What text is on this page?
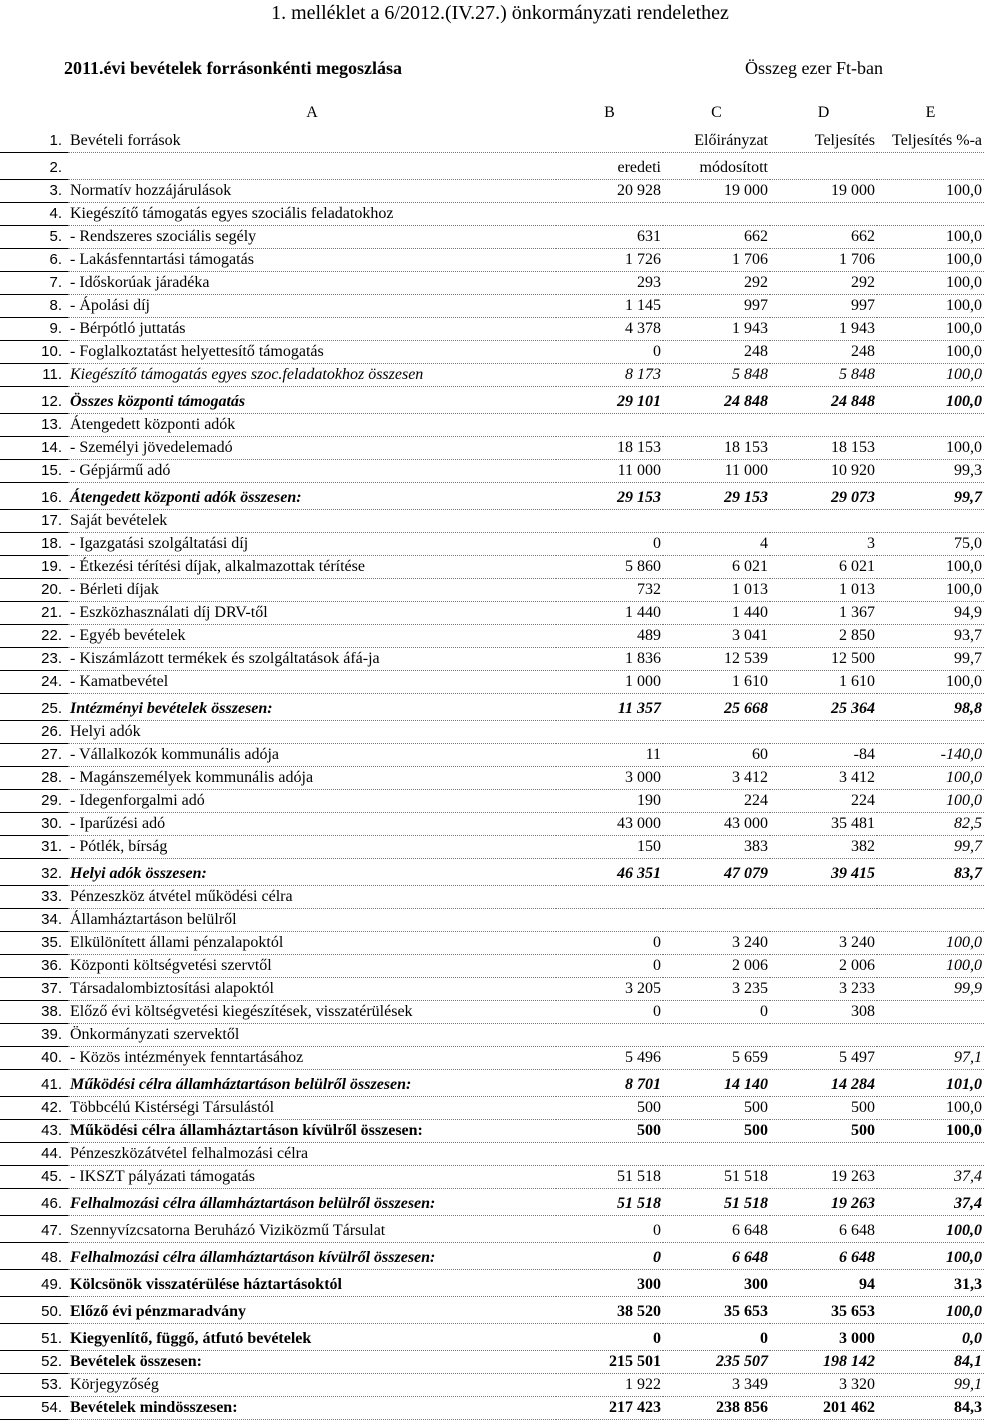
1. melléklet a 6/2012.(IV.27.) önkormányzati rendelethez
2011.évi bevételek forrásonkénti megoszlása	Összeg ezer Ft-ban
	A	B	C	D	E

1.	Bevételi források		Előirányzat	Teljesítés	Teljesítés %-a

2.		eredeti	módosított		
3.	Normatív hozzájárulások	20 928	19 000	19 000	100,0
4.	Kiegészítő támogatás egyes szociális feladatokhoz				
5.	- Rendszeres szociális segély	631	662	662	100,0
6.	- Lakásfenntartási támogatás	1 726	1 706	1 706	100,0
7.	- Időskorúak járadéka	293	292	292	100,0
8.	- Ápolási díj	1 145	997	997	100,0
9.	- Bérpótló juttatás	4 378	1 943	1 943	100,0
10.	- Foglalkoztatást helyettesítő támogatás	0	248	248	100,0
11.	Kiegészítő támogatás egyes szoc.feladatokhoz összesen	8 173	5 848	5 848	100,0

12.	Összes központi támogatás	29 101	24 848	24 848	100,0
13.	Átengedett központi adók				
14.	- Személyi jövedelemadó	18 153	18 153	18 153	100,0
15.	- Gépjármű adó	11 000	11 000	10 920	99,3

16.	Átengedett központi adók összesen:	29 153	29 153	29 073	99,7
17.	Saját bevételek				
18.	- Igazgatási szolgáltatási díj	0	4	3	75,0
19.	- Étkezési térítési díjak, alkalmazottak térítése	5 860	6 021	6 021	100,0
20.	- Bérleti díjak	732	1 013	1 013	100,0
21.	- Eszközhasználati díj DRV-től	1 440	1 440	1 367	94,9
22.	- Egyéb bevételek	489	3 041	2 850	93,7
23.	- Kiszámlázott termékek és szolgáltatások áfá-ja	1 836	12 539	12 500	99,7
24.	- Kamatbevétel	1 000	1 610	1 610	100,0

25.	Intézményi bevételek összesen:	11 357	25 668	25 364	98,8
26.	Helyi adók				
27.	- Vállalkozók kommunális adója	11	60	-84	-140,0
28.	- Magánszemélyek kommunális adója	3 000	3 412	3 412	100,0
29.	- Idegenforgalmi adó	190	224	224	100,0
30.	- Iparűzési adó	43 000	43 000	35 481	82,5
31.	- Pótlék, bírság	150	383	382	99,7

32.	Helyi adók összesen:	46 351	47 079	39 415	83,7
33.	Pénzeszköz átvétel működési célra				
34.	Államháztartáson belülről				
35.	Elkülönített állami pénzalapoktól	0	3 240	3 240	100,0
36.	Központi költségvetési szervtől	0	2 006	2 006	100,0
37.	Társadalombiztosítási alapoktól	3 205	3 235	3 233	99,9
38.	Előző évi költségvetési kiegészítések, visszatérülések	0	0	308	
39.	Önkormányzati szervektől				
40.	- Közös intézmények fenntartásához	5 496	5 659	5 497	97,1

41.	Működési célra államháztartáson belülről összesen:	8 701	14 140	14 284	101,0
42.	Többcélú Kistérségi Társulástól	500	500	500	100,0
43.	Működési célra államháztartáson kívülről összesen:	500	500	500	100,0
44.	Pénzeszközátvétel felhalmozási célra				
45.	- IKSZT pályázati támogatás	51 518	51 518	19 263	37,4

46.	Felhalmozási célra államháztartáson belülről összesen:	51 518	51 518	19 263	37,4

47.	Szennyvízcsatorna Beruházó Viziközmű Társulat	0	6 648	6 648	100,0

48.	Felhalmozási célra államháztartáson kívülről összesen:	0	6 648	6 648	100,0

49.	Kölcsönök visszatérülése háztartásoktól	300	300	94	31,3

50.	Előző évi pénzmaradvány	38 520	35 653	35 653	100,0

51.	Kiegyenlítő, függő, átfutó bevételek	0	0	3 000	0,0
52.	Bevételek összesen:	215 501	235 507	198 142	84,1
53.	Körjegyzőség	1 922	3 349	3 320	99,1
54.	Bevételek mindösszesen:	217 423	238 856	201 462	84,3
